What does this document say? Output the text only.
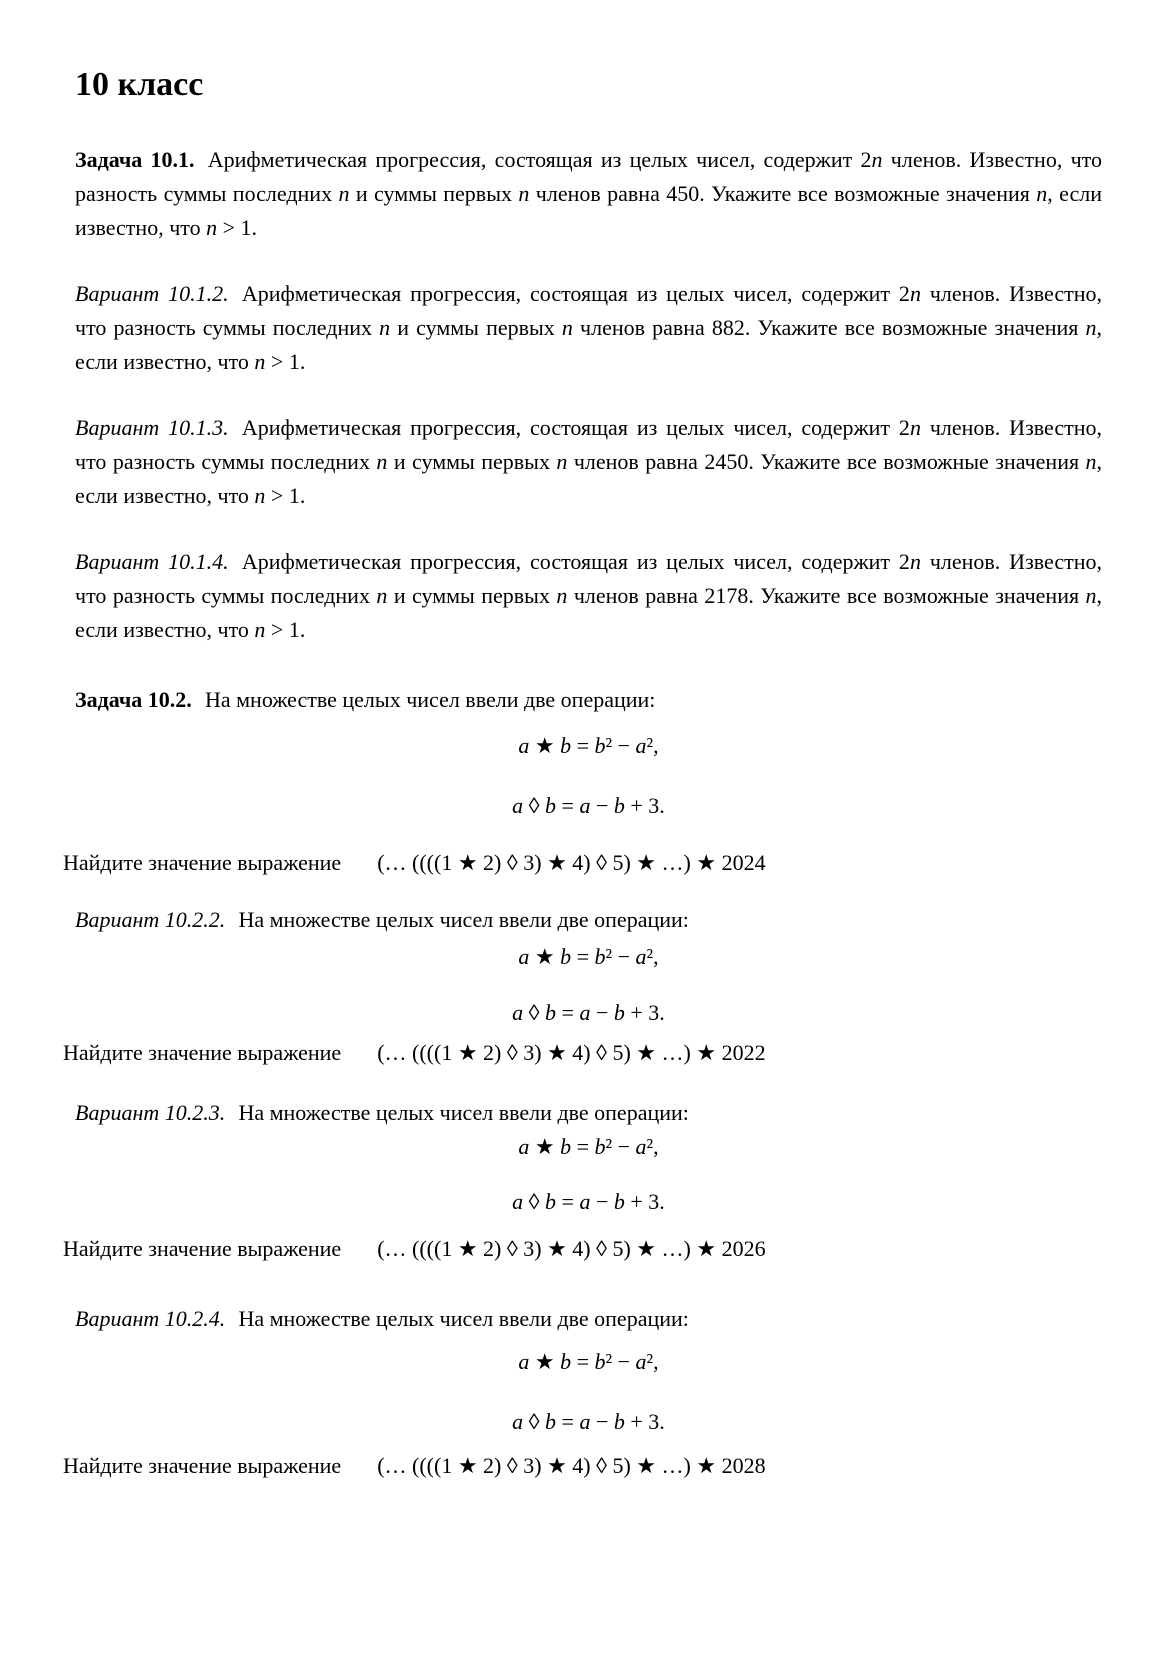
10 класс

Задача 10.1. Арифметическая прогрессия, состоящая из целых чисел, содержит 2n членов. Известно, что разность суммы последних n и суммы первых n членов равна 450. Укажите все возможные значения n, если известно, что n > 1.

Вариант 10.1.2. Арифметическая прогрессия, состоящая из целых чисел, содержит 2n членов. Известно, что разность суммы последних n и суммы первых n членов равна 882. Укажите все возможные значения n, если известно, что n > 1.

Вариант 10.1.3. Арифметическая прогрессия, состоящая из целых чисел, содержит 2n членов. Известно, что разность суммы последних n и суммы первых n членов равна 2450. Укажите все возможные значения n, если известно, что n > 1.

Вариант 10.1.4. Арифметическая прогрессия, состоящая из целых чисел, содержит 2n членов. Известно, что разность суммы последних n и суммы первых n членов равна 2178. Укажите все возможные значения n, если известно, что n > 1.

Задача 10.2. На множестве целых чисел ввели две операции:

a ★ b = b² − a²,
a ◊ b = a − b + 3.

Найдите значение выражение (… ((((1 ★ 2) ◊ 3) ★ 4) ◊ 5) ★ …) ★ 2024

Вариант 10.2.2. На множестве целых чисел ввели две операции:

a ★ b = b² − a²,
a ◊ b = a − b + 3.

Найдите значение выражение (… ((((1 ★ 2) ◊ 3) ★ 4) ◊ 5) ★ …) ★ 2022

Вариант 10.2.3. На множестве целых чисел ввели две операции:

a ★ b = b² − a²,
a ◊ b = a − b + 3.

Найдите значение выражение (… ((((1 ★ 2) ◊ 3) ★ 4) ◊ 5) ★ …) ★ 2026

Вариант 10.2.4. На множестве целых чисел ввели две операции:

a ★ b = b² − a²,
a ◊ b = a − b + 3.

Найдите значение выражение (… ((((1 ★ 2) ◊ 3) ★ 4) ◊ 5) ★ …) ★ 2028
